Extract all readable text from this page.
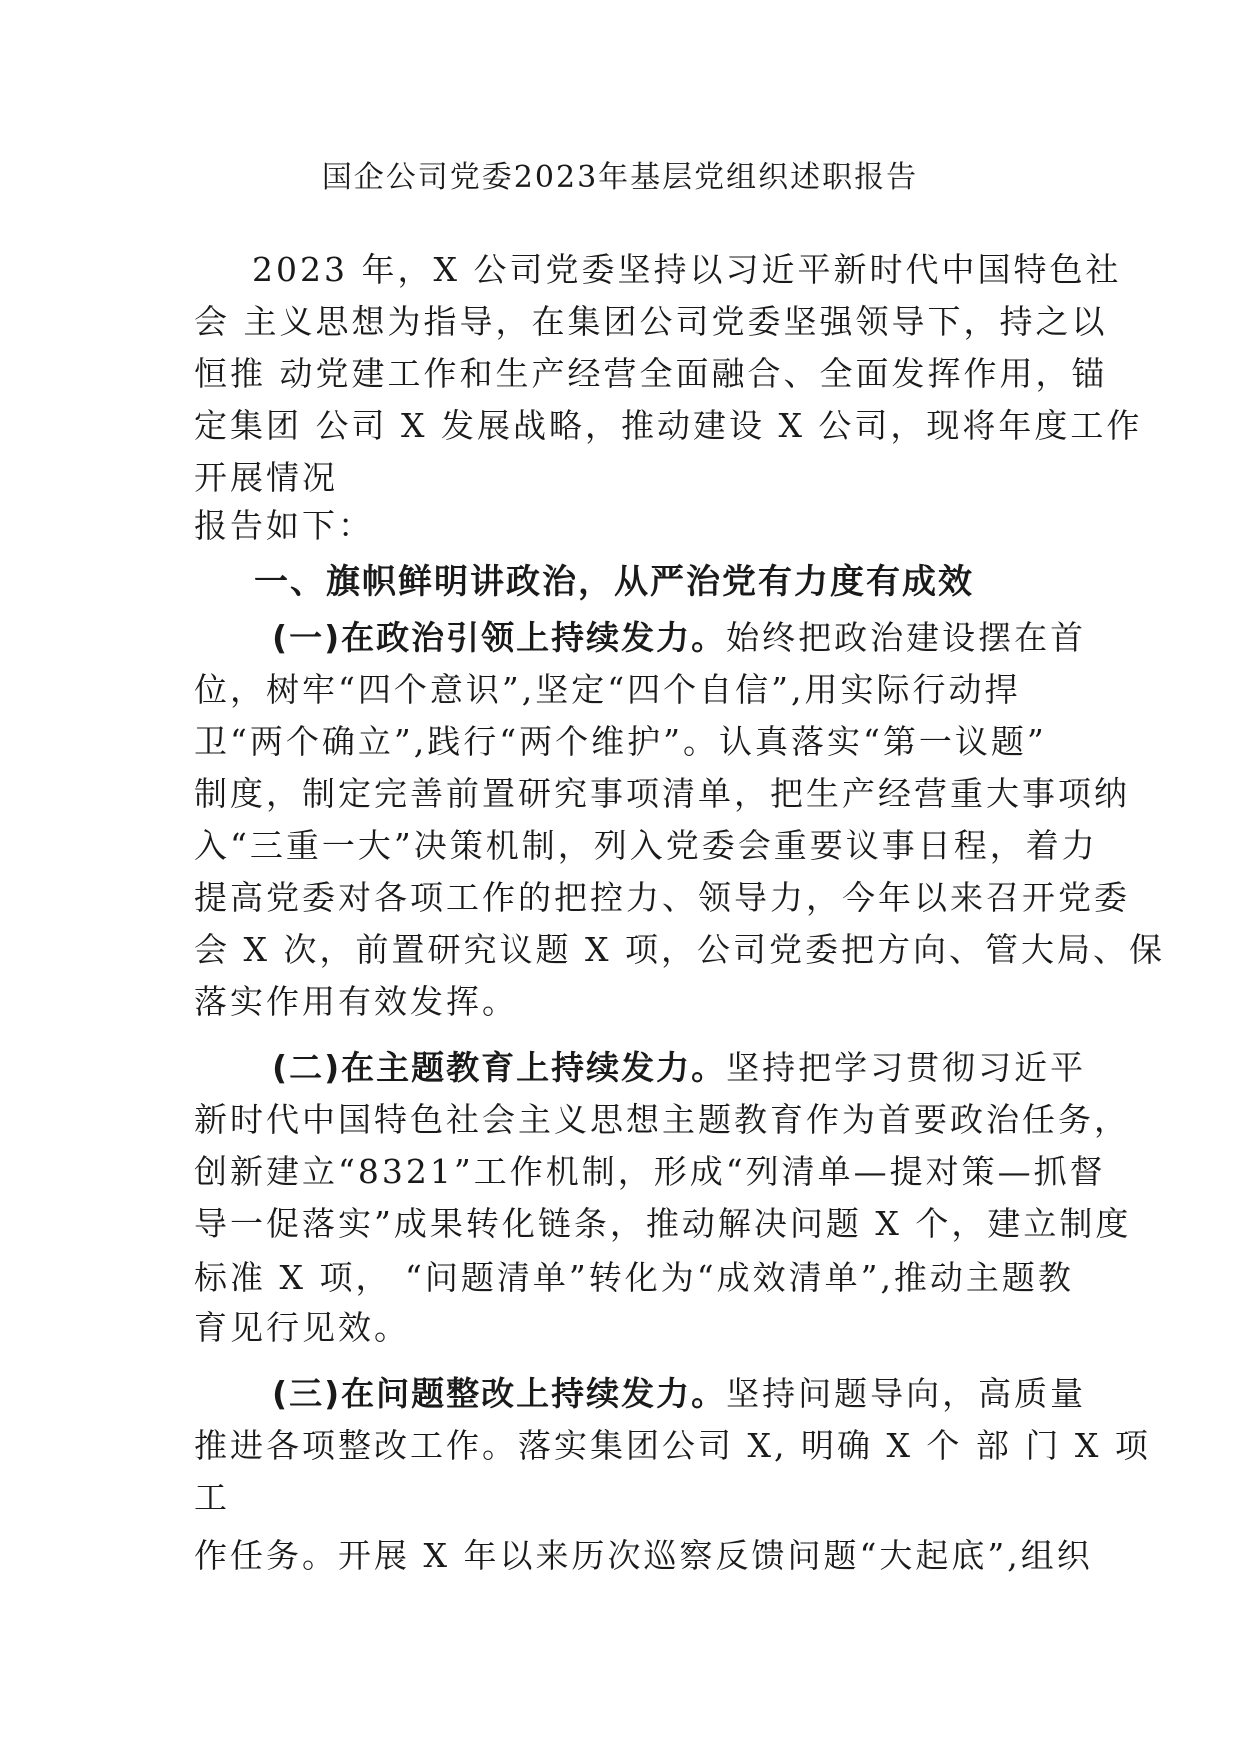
国企公司党委2023年基层党组织述职报告
2023 年，X 公司党委坚持以习近平新时代中国特色社
会 主义思想为指导，在集团公司党委坚强领导下，持之以
恒推 动党建工作和生产经营全面融合、全面发挥作用，锚
定集团 公司 X 发展战略，推动建设 X 公司，现将年度工作
开展情况
报告如下：
一、旗帜鲜明讲政治，从严治党有力度有成效
(一)在政治引领上持续发力。始终把政治建设摆在首
位，树牢“四个意识”,坚定“四个自信”,用实际行动捍
卫“两个确立”,践行“两个维护”。认真落实“第一议题”
制度，制定完善前置研究事项清单，把生产经营重大事项纳
入“三重一大”决策机制，列入党委会重要议事日程，着力
提高党委对各项工作的把控力、领导力，今年以来召开党委
会 X 次，前置研究议题 X 项，公司党委把方向、管大局、保
落实作用有效发挥。
(二)在主题教育上持续发力。坚持把学习贯彻习近平
新时代中国特色社会主义思想主题教育作为首要政治任务，
创新建立“8321”工作机制，形成“列清单—提对策—抓督
导一促落实”成果转化链条，推动解决问题 X 个，建立制度
标准 X 项， “问题清单”转化为“成效清单”,推动主题教
育见行见效。
(三)在问题整改上持续发力。坚持问题导向，高质量
推进各项整改工作。落实集团公司 X, 明确 X 个 部 门 X 项
工
作任务。开展 X 年以来历次巡察反馈问题“大起底”,组织
